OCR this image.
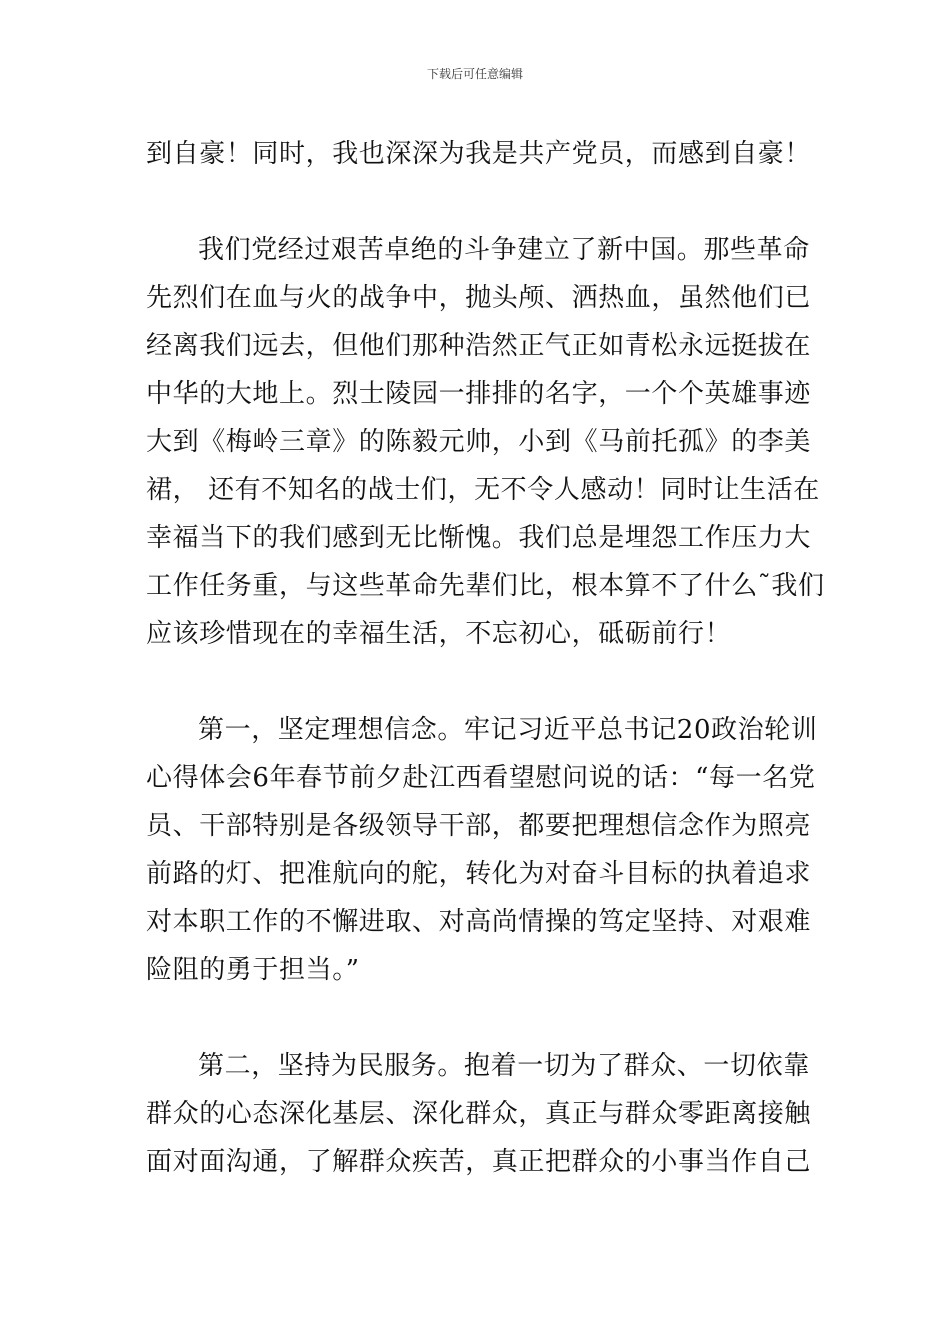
下载后可任意编辑
到自豪！同时，我也深深为我是共产党员，而感到自豪！
我们党经过艰苦卓绝的斗争建立了新中国。那些革命
先烈们在血与火的战争中，抛头颅、洒热血，虽然他们已
经离我们远去，但他们那种浩然正气正如青松永远挺拔在
中华的大地上。烈士陵园一排排的名字，一个个英雄事迹
大到《梅岭三章》的陈毅元帅，小到《马前托孤》的李美
裙， 还有不知名的战士们，无不令人感动！同时让生活在
幸福当下的我们感到无比惭愧。我们总是埋怨工作压力大
工作任务重，与这些革命先辈们比，根本算不了什么˜我们
应该珍惜现在的幸福生活，不忘初心，砥砺前行！
第一，坚定理想信念。牢记习近平总书记20政治轮训
心得体会6年春节前夕赴江西看望慰问说的话：“每一名党
员、干部特别是各级领导干部，都要把理想信念作为照亮
前路的灯、把准航向的舵，转化为对奋斗目标的执着追求
对本职工作的不懈进取、对高尚情操的笃定坚持、对艰难
险阻的勇于担当。”
第二，坚持为民服务。抱着一切为了群众、一切依靠
群众的心态深化基层、深化群众，真正与群众零距离接触
面对面沟通，了解群众疾苦，真正把群众的小事当作自己
